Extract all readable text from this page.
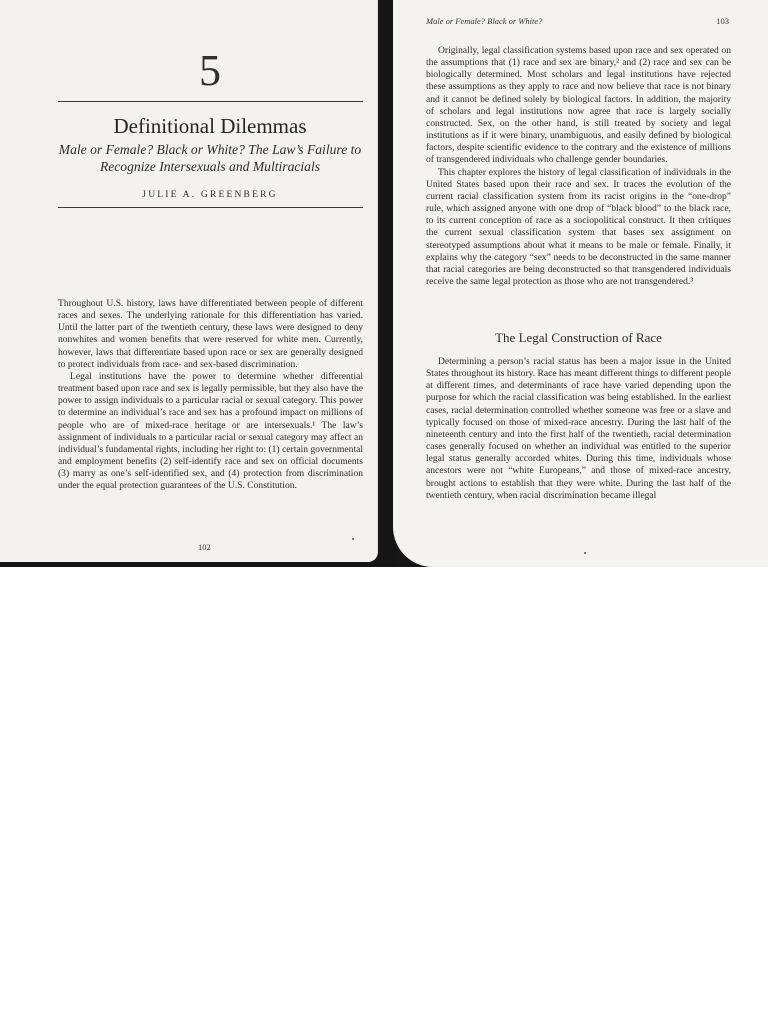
5
Definitional Dilemmas
Male or Female? Black or White? The Law’s Failure to Recognize Intersexuals and Multiracials
JULIE A. GREENBERG

Throughout U.S. history, laws have differentiated between people of different races and sexes. The underlying rationale for this differentiation has varied. Until the latter part of the twentieth century, these laws were designed to deny nonwhites and women benefits that were reserved for white men. Currently, however, laws that differentiate based upon race or sex are generally designed to protect individuals from race- and sex-based discrimination.

Legal institutions have the power to determine whether differential treatment based upon race and sex is legally permissible, but they also have the power to assign individuals to a particular racial or sexual category. This power to determine an individual’s race and sex has a profound impact on millions of people who are of mixed-race heritage or are intersexuals.¹ The law’s assignment of individuals to a particular racial or sexual category may affect an individual’s fundamental rights, including her right to: (1) certain governmental and employment benefits (2) self-identify race and sex on official documents (3) marry as one’s self-identified sex, and (4) protection from discrimination under the equal protection guarantees of the U.S. Constitution.

102
Male or Female? Black or White?	103

Originally, legal classification systems based upon race and sex operated on the assumptions that (1) race and sex are binary,² and (2) race and sex can be biologically determined. Most scholars and legal institutions have rejected these assumptions as they apply to race and now believe that race is not binary and it cannot be defined solely by biological factors. In addition, the majority of scholars and legal institutions now agree that race is largely socially constructed. Sex, on the other hand, is still treated by society and legal institutions as if it were binary, unambiguous, and easily defined by biological factors, despite scientific evidence to the contrary and the existence of millions of transgendered individuals who challenge gender boundaries.

This chapter explores the history of legal classification of individuals in the United States based upon their race and sex. It traces the evolution of the current racial classification system from its racist origins in the “one-drop” rule, which assigned anyone with one drop of “black blood” to the black race, to its current conception of race as a sociopolitical construct. It then critiques the current sexual classification system that bases sex assignment on stereotyped assumptions about what it means to be male or female. Finally, it explains why the category “sex” needs to be deconstructed in the same manner that racial categories are being deconstructed so that transgendered individuals receive the same legal protection as those who are not transgendered.³

The Legal Construction of Race

Determining a person’s racial status has been a major issue in the United States throughout its history. Race has meant different things to different people at different times, and determinants of race have varied depending upon the purpose for which the racial classification was being established. In the earliest cases, racial determination controlled whether someone was free or a slave and typically focused on those of mixed-race ancestry. During the last half of the nineteenth century and into the first half of the twentieth, racial determination cases generally focused on whether an individual was entitled to the superior legal status generally accorded whites. During this time, individuals whose ancestors were not “white Europeans,” and those of mixed-race ancestry, brought actions to establish that they were white. During the last half of the twentieth century, when racial discrimination became illegal
